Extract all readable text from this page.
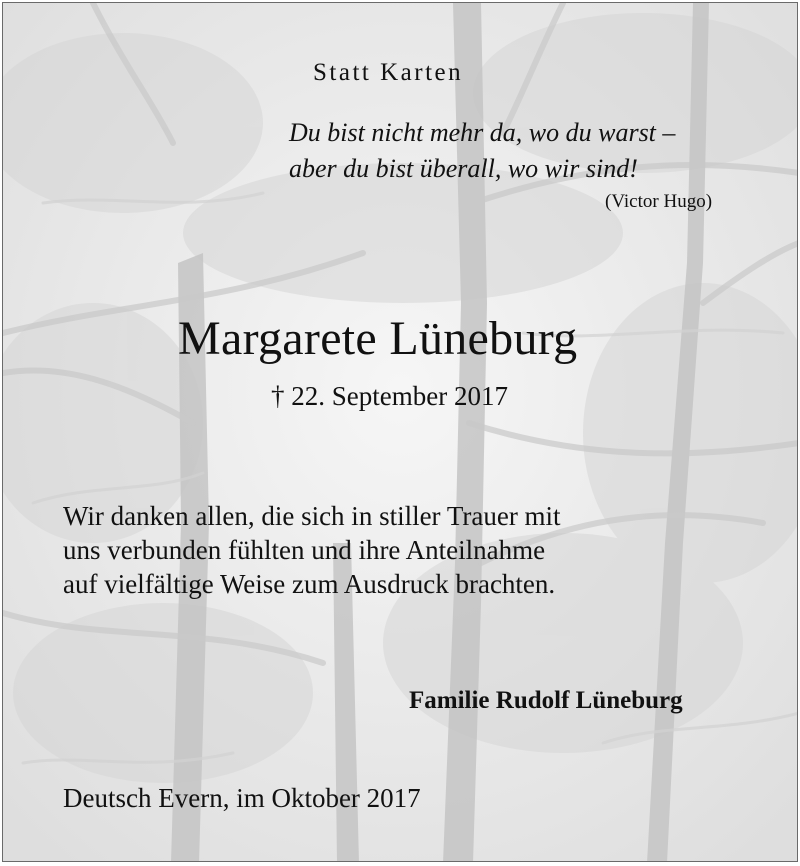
Statt Karten
Du bist nicht mehr da, wo du warst –
aber du bist überall, wo wir sind!
(Victor Hugo)
Margarete Lüneburg
† 22. September 2017
Wir danken allen, die sich in stiller Trauer mit
uns verbunden fühlten und ihre Anteilnahme
auf vielfältige Weise zum Ausdruck brachten.
Familie Rudolf Lüneburg
Deutsch Evern, im Oktober 2017
